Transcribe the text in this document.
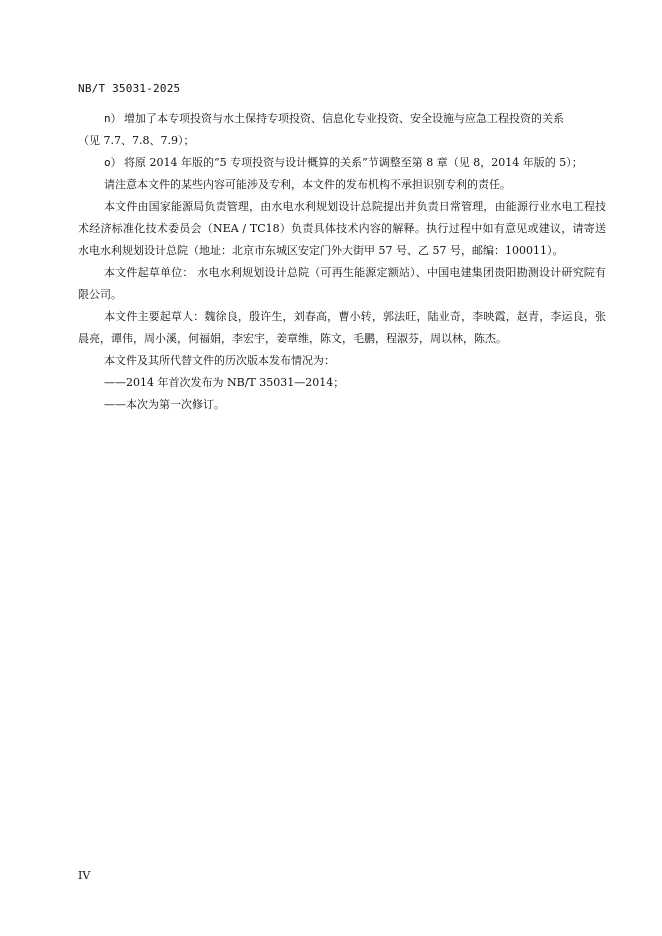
NB/T 35031-2025
n） 增加了本专项投资与水土保持专项投资、信息化专业投资、安全设施与应急工程投资的关系

（见 7.7、7.8、7.9）；

o） 将原 2014 年版的“5 专项投资与设计概算的关系”节调整至第 8 章（见 8，2014 年版的 5）；

请注意本文件的某些内容可能涉及专利，本文件的发布机构不承担识别专利的责任。

本文件由国家能源局负责管理，由水电水利规划设计总院提出并负责日常管理，由能源行业水电工程技术经济标准化技术委员会（NEA / TC18）负责具体技术内容的解释。执行过程中如有意见或建议，请寄送水电水利规划设计总院（地址：北京市东城区安定门外大街甲 57 号、乙 57 号，邮编：100011）。

本文件起草单位： 水电水利规划设计总院（可再生能源定额站）、中国电建集团贵阳勘测设计研究院有限公司。

本文件主要起草人：魏徐良，殷许生，刘春高，曹小转，郭法旺，陆业奇，李映霞，赵青，李运良，张晨亮，谭伟，周小溪，何福娟，李宏宇，姜章维，陈文，毛鹏，程淑芬，周以林，陈杰。

本文件及其所代替文件的历次版本发布情况为：

——2014 年首次发布为 NB/T 35031—2014；

——本次为第一次修订。

IV
